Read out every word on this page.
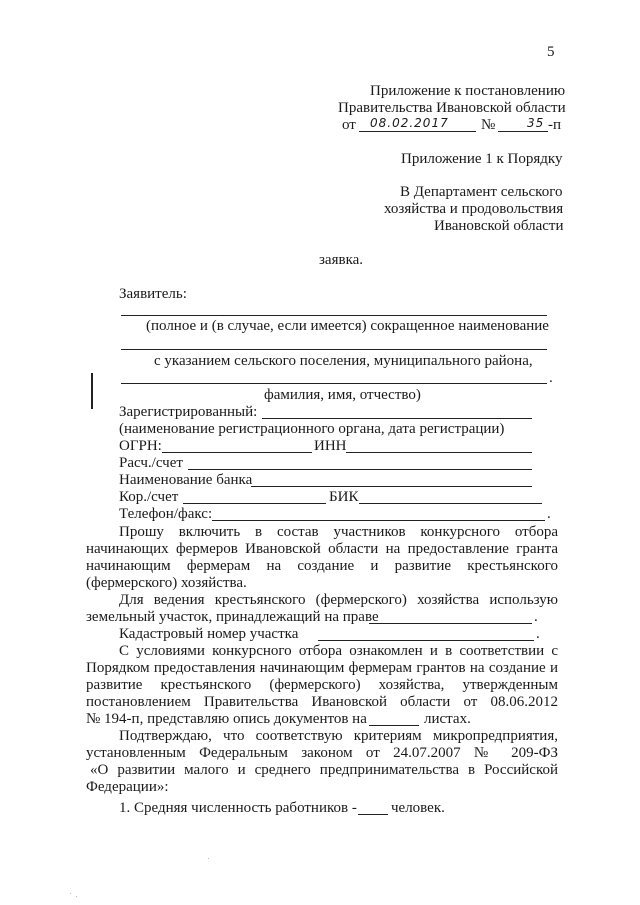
5
Приложение к постановлению
Правительства Ивановской области
от 08.02.2017 №	35 -п
Приложение 1 к Порядку
В Департамент сельского
хозяйства и продовольствия
Ивановской области
заявка.
Заявитель:
(полное и (в случае, если имеется) сокращенное наименование
с указанием сельского поселения, муниципального района,
.
фамилия, имя, отчество)
Зарегистрированный:
(наименование регистрационного органа, дата регистрации)
ОГРН:	ИНН
Расч./счет
Наименование банка
Кор./счет	БИК
Телефон/факс:	.
Прошу включить в состав участников конкурсного отбора
начинающих фермеров Ивановской области на предоставление гранта
начинающим фермерам на создание и развитие крестьянского
(фермерского) хозяйства.
Для ведения крестьянского (фермерского) хозяйства использую
земельный участок, принадлежащий на праве	.
Кадастровый номер участка	.
С условиями конкурсного отбора ознакомлен и в соответствии с
Порядком предоставления начинающим фермерам грантов на создание и
развитие крестьянского (фермерского) хозяйства, утвержденным
постановлением Правительства Ивановской области от 08.06.2012
№ 194-п, представляю опись документов на	листах.
Подтверждаю, что соответствую критериям микропредприятия,
установленным Федеральным законом от 24.07.2007 № 209-ФЗ
«О развитии малого и среднего предпринимательства в Российской
Федерации»:
1. Средняя численность работников - человек.
